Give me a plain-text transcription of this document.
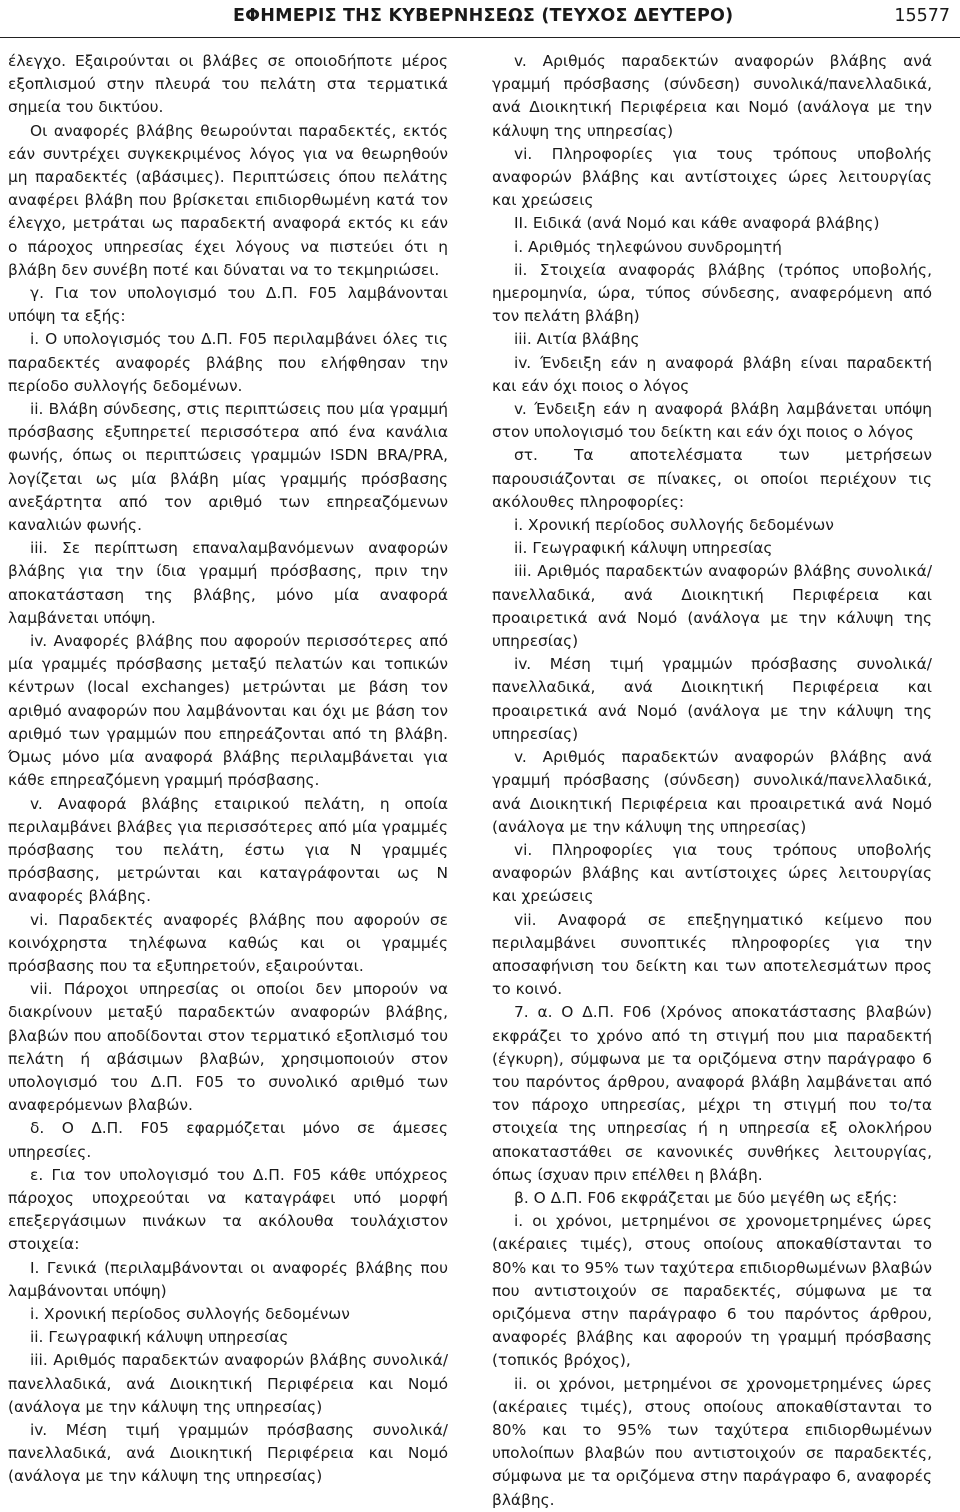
ΕΦΗΜΕΡΙΣ ΤΗΣ ΚΥΒΕΡΝΗΣΕΩΣ (ΤΕΥΧΟΣ ΔΕΥΤΕΡΟ)	15577

έλεγχο. Εξαιρούνται οι βλάβες σε οποιοδήποτε μέρος εξοπλισμού στην πλευρά του πελάτη στα τερματικά σημεία του δικτύου.

Οι αναφορές βλάβης θεωρούνται παραδεκτές, εκτός εάν συντρέχει συγκεκριμένος λόγος για να θεωρηθούν μη παραδεκτές (αβάσιμες). Περιπτώσεις όπου πελάτης αναφέρει βλάβη που βρίσκεται επιδιορθωμένη κατά τον έλεγχο, μετράται ως παραδεκτή αναφορά εκτός κι εάν ο πάροχος υπηρεσίας έχει λόγους να πιστεύει ότι η βλάβη δεν συνέβη ποτέ και δύναται να το τεκμηριώσει.

γ. Για τον υπολογισμό του Δ.Π. F05 λαμβάνονται υπόψη τα εξής:

i. Ο υπολογισμός του Δ.Π. F05 περιλαμβάνει όλες τις παραδεκτές αναφορές βλάβης που ελήφθησαν την περίοδο συλλογής δεδομένων.

ii. Βλάβη σύνδεσης, στις περιπτώσεις που μία γραμμή πρόσβασης εξυπηρετεί περισσότερα από ένα κανάλια φωνής, όπως οι περιπτώσεις γραμμών ISDN BRA/PRA, λογίζεται ως μία βλάβη μίας γραμμής πρόσβασης ανεξάρτητα από τον αριθμό των επηρεαζόμενων καναλιών φωνής.

iii. Σε περίπτωση επαναλαμβανόμενων αναφορών βλάβης για την ίδια γραμμή πρόσβασης, πριν την αποκατάσταση της βλάβης, μόνο μία αναφορά λαμβάνεται υπόψη.

iv. Αναφορές βλάβης που αφορούν περισσότερες από μία γραμμές πρόσβασης μεταξύ πελατών και τοπικών κέντρων (local exchanges) μετρώνται με βάση τον αριθμό αναφορών που λαμβάνονται και όχι με βάση τον αριθμό των γραμμών που επηρεάζονται από τη βλάβη. Όμως μόνο μία αναφορά βλάβης περιλαμβάνεται για κάθε επηρεαζόμενη γραμμή πρόσβασης.

v. Αναφορά βλάβης εταιρικού πελάτη, η οποία περιλαμβάνει βλάβες για περισσότερες από μία γραμμές πρόσβασης του πελάτη, έστω για Ν γραμμές πρόσβασης, μετρώνται και καταγράφονται ως Ν αναφορές βλάβης.

vi. Παραδεκτές αναφορές βλάβης που αφορούν σε κοινόχρηστα τηλέφωνα καθώς και οι γραμμές πρόσβασης που τα εξυπηρετούν, εξαιρούνται.

vii. Πάροχοι υπηρεσίας οι οποίοι δεν μπορούν να διακρίνουν μεταξύ παραδεκτών αναφορών βλάβης, βλαβών που αποδίδονται στον τερματικό εξοπλισμό του πελάτη ή αβάσιμων βλαβών, χρησιμοποιούν στον υπολογισμό του Δ.Π. F05 το συνολικό αριθμό των αναφερόμενων βλαβών.

δ. Ο Δ.Π. F05 εφαρμόζεται μόνο σε άμεσες υπηρεσίες.

ε. Για τον υπολογισμό του Δ.Π. F05 κάθε υπόχρεος πάροχος υποχρεούται να καταγράφει υπό μορφή επεξεργάσιμων πινάκων τα ακόλουθα τουλάχιστον στοιχεία:

Ι. Γενικά (περιλαμβάνονται οι αναφορές βλάβης που λαμβάνονται υπόψη)

i. Χρονική περίοδος συλλογής δεδομένων

ii. Γεωγραφική κάλυψη υπηρεσίας

iii. Αριθμός παραδεκτών αναφορών βλάβης συνολικά/πανελλαδικά, ανά Διοικητική Περιφέρεια και Νομό (ανάλογα με την κάλυψη της υπηρεσίας)

iv. Μέση τιμή γραμμών πρόσβασης συνολικά/πανελλαδικά, ανά Διοικητική Περιφέρεια και Νομό (ανάλογα με την κάλυψη της υπηρεσίας)

v. Αριθμός παραδεκτών αναφορών βλάβης ανά γραμμή πρόσβασης (σύνδεση) συνολικά/πανελλαδικά, ανά Διοικητική Περιφέρεια και Νομό (ανάλογα με την κάλυψη της υπηρεσίας)

vi. Πληροφορίες για τους τρόπους υποβολής αναφορών βλάβης και αντίστοιχες ώρες λειτουργίας και χρεώσεις

ΙΙ. Ειδικά (ανά Νομό και κάθε αναφορά βλάβης)

i. Αριθμός τηλεφώνου συνδρομητή

ii. Στοιχεία αναφοράς βλάβης (τρόπος υποβολής, ημερομηνία, ώρα, τύπος σύνδεσης, αναφερόμενη από τον πελάτη βλάβη)

iii. Αιτία βλάβης

iv. Ένδειξη εάν η αναφορά βλάβη είναι παραδεκτή και εάν όχι ποιος ο λόγος

v. Ένδειξη εάν η αναφορά βλάβη λαμβάνεται υπόψη στον υπολογισμό του δείκτη και εάν όχι ποιος ο λόγος

στ. Τα αποτελέσματα των μετρήσεων παρουσιάζονται σε πίνακες, οι οποίοι περιέχουν τις ακόλουθες πληροφορίες:

i. Χρονική περίοδος συλλογής δεδομένων

ii. Γεωγραφική κάλυψη υπηρεσίας

iii. Αριθμός παραδεκτών αναφορών βλάβης συνολικά/πανελλαδικά, ανά Διοικητική Περιφέρεια και προαιρετικά ανά Νομό (ανάλογα με την κάλυψη της υπηρεσίας)

iv. Μέση τιμή γραμμών πρόσβασης συνολικά/πανελλαδικά, ανά Διοικητική Περιφέρεια και προαιρετικά ανά Νομό (ανάλογα με την κάλυψη της υπηρεσίας)

v. Αριθμός παραδεκτών αναφορών βλάβης ανά γραμμή πρόσβασης (σύνδεση) συνολικά/πανελλαδικά, ανά Διοικητική Περιφέρεια και προαιρετικά ανά Νομό (ανάλογα με την κάλυψη της υπηρεσίας)

vi. Πληροφορίες για τους τρόπους υποβολής αναφορών βλάβης και αντίστοιχες ώρες λειτουργίας και χρεώσεις

vii. Αναφορά σε επεξηγηματικό κείμενο που περιλαμβάνει συνοπτικές πληροφορίες για την αποσαφήνιση του δείκτη και των αποτελεσμάτων προς το κοινό.

7. α. Ο Δ.Π. F06 (Χρόνος αποκατάστασης βλαβών) εκφράζει το χρόνο από τη στιγμή που μια παραδεκτή (έγκυρη), σύμφωνα με τα οριζόμενα στην παράγραφο 6 του παρόντος άρθρου, αναφορά βλάβη λαμβάνεται από τον πάροχο υπηρεσίας, μέχρι τη στιγμή που το/τα στοιχεία της υπηρεσίας ή η υπηρεσία εξ ολοκλήρου αποκαταστάθει σε κανονικές συνθήκες λειτουργίας, όπως ίσχυαν πριν επέλθει η βλάβη.

β. Ο Δ.Π. F06 εκφράζεται με δύο μεγέθη ως εξής:

i. οι χρόνοι, μετρημένοι σε χρονομετρημένες ώρες (ακέραιες τιμές), στους οποίους αποκαθίστανται το 80% και το 95% των ταχύτερα επιδιορθωμένων βλαβών που αντιστοιχούν σε παραδεκτές, σύμφωνα με τα οριζόμενα στην παράγραφο 6 του παρόντος άρθρου, αναφορές βλάβης και αφορούν τη γραμμή πρόσβασης (τοπικός βρόχος),

ii. οι χρόνοι, μετρημένοι σε χρονομετρημένες ώρες (ακέραιες τιμές), στους οποίους αποκαθίστανται το 80% και το 95% των ταχύτερα επιδιορθωμένων υπολοίπων βλαβών που αντιστοιχούν σε παραδεκτές, σύμφωνα με τα οριζόμενα στην παράγραφο 6, αναφορές βλάβης.
